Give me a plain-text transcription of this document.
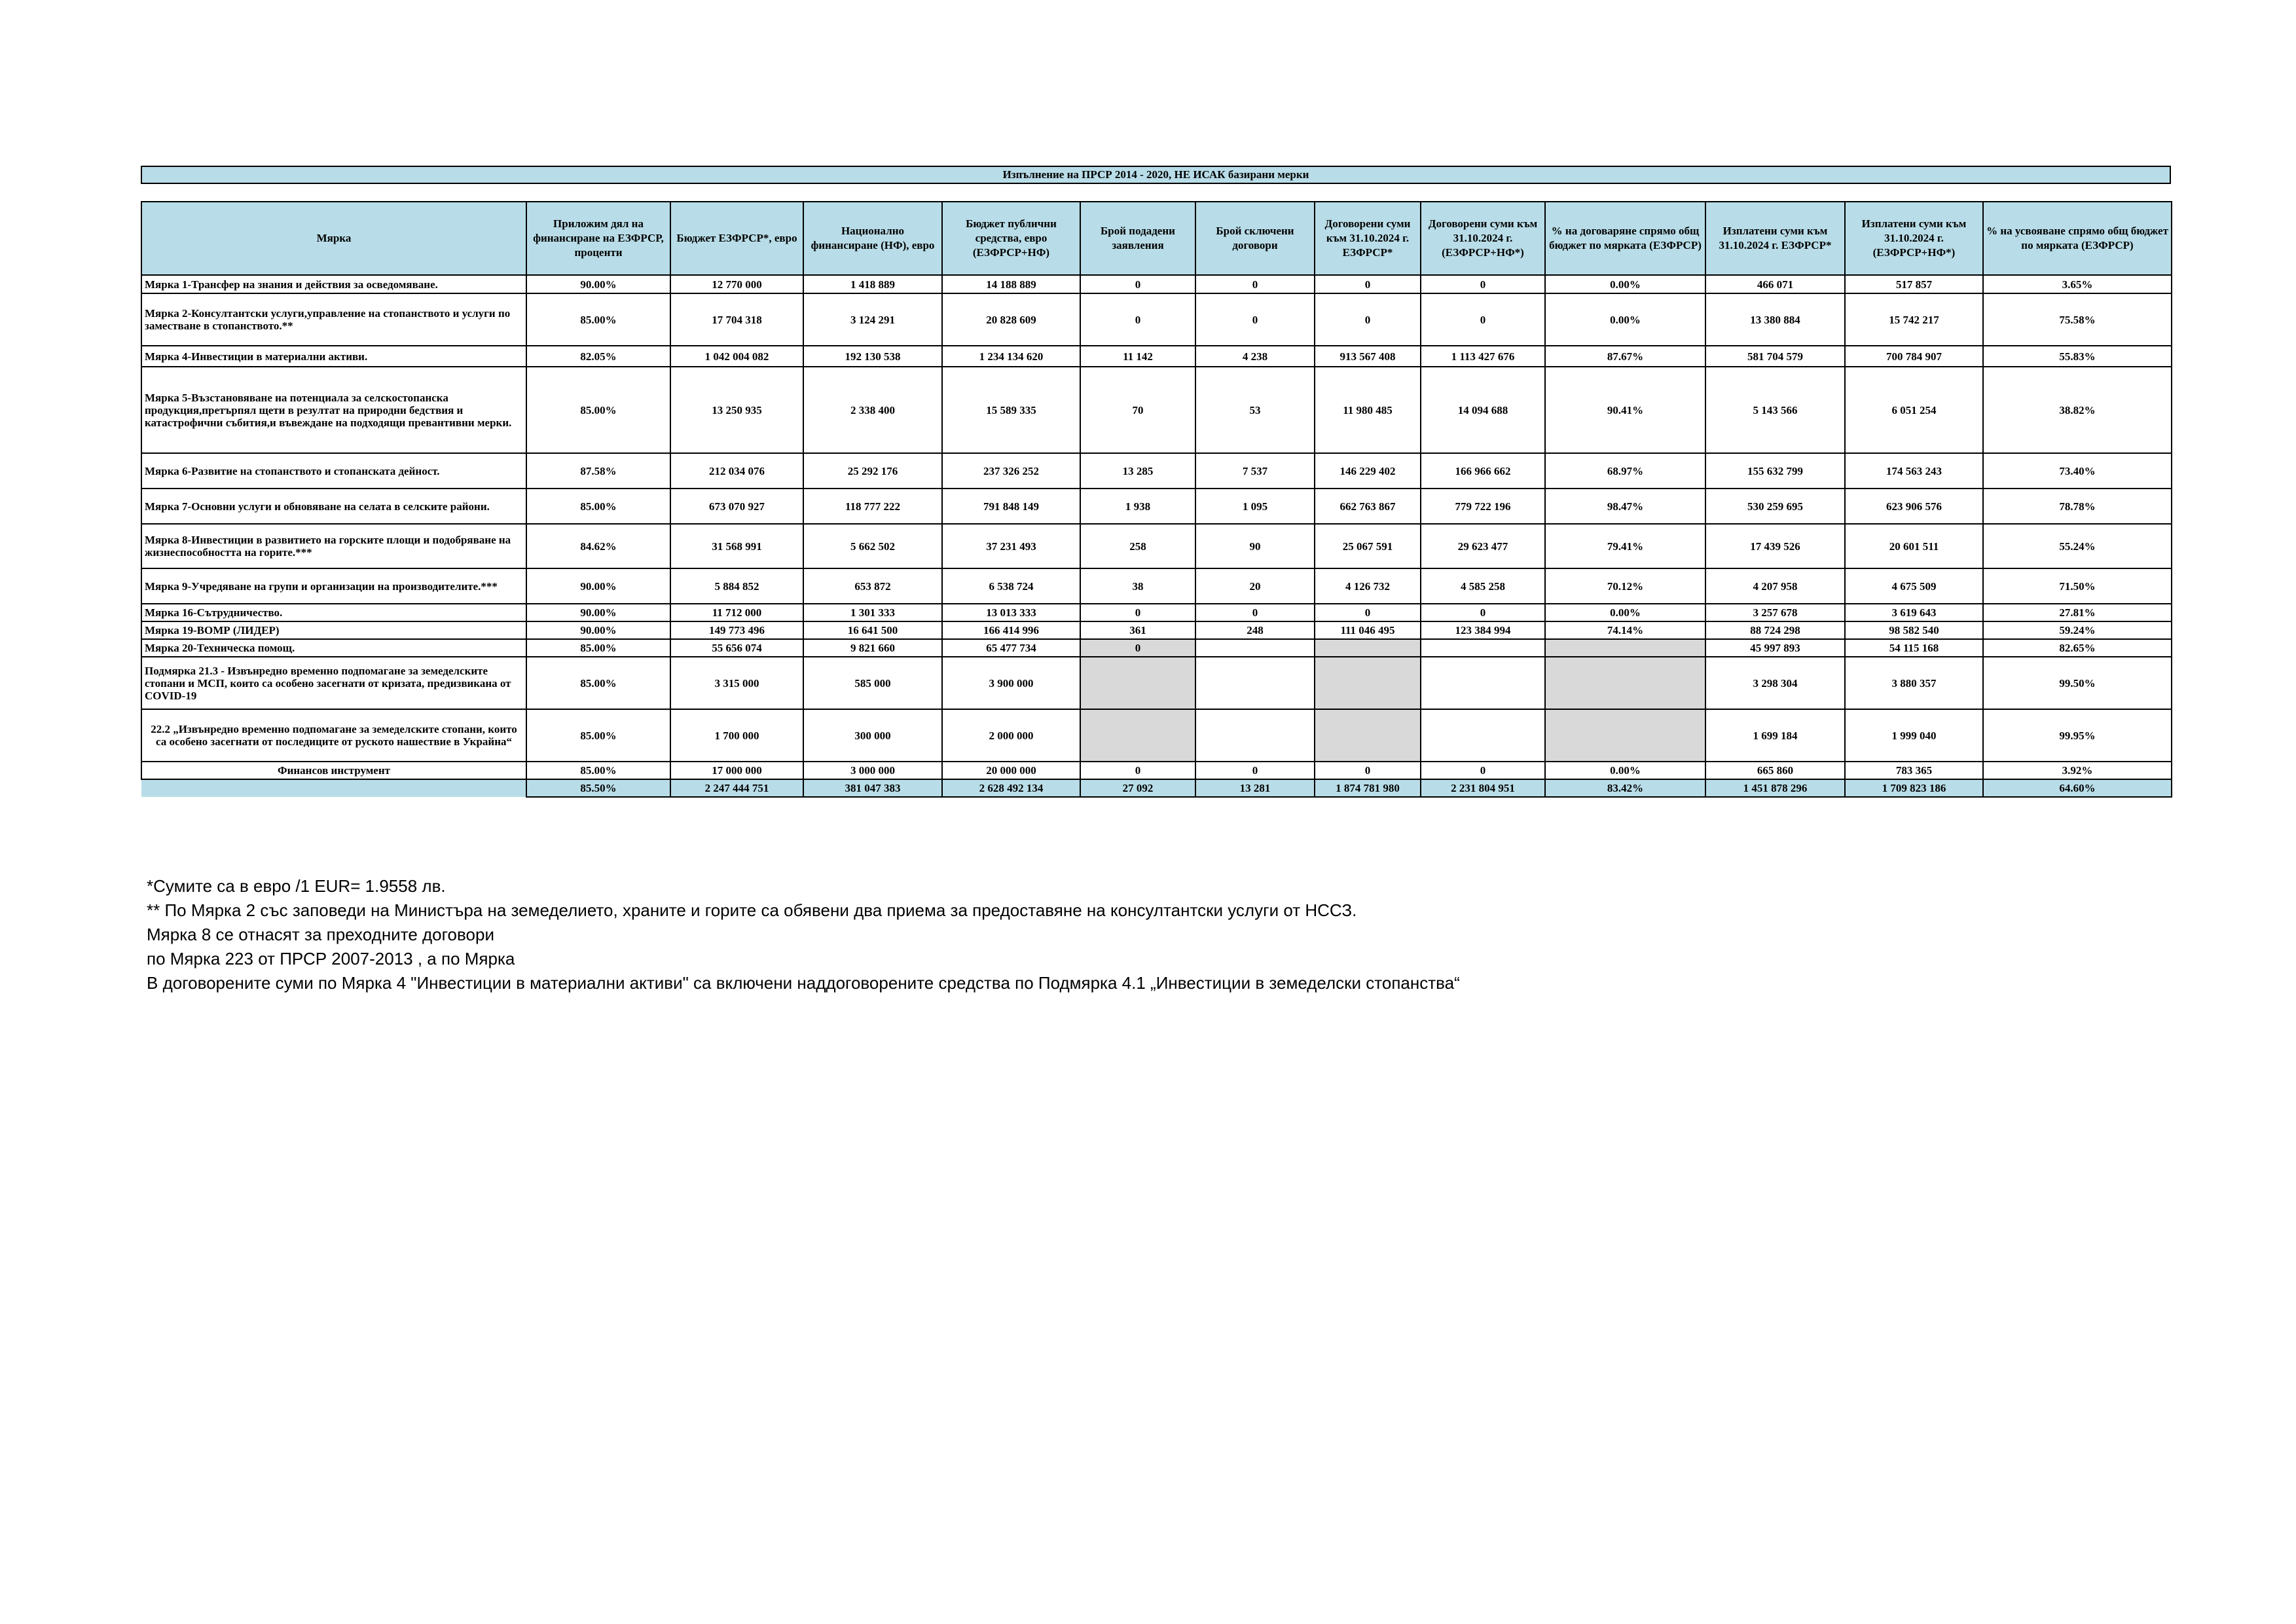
Изпълнение на ПРСР 2014 - 2020, НЕ ИСАК базирани мерки
Мярка	Приложим дял на финансиране на ЕЗФРСР, проценти	Бюджет ЕЗФРСР*, евро	Национално финансиране (НФ), евро	Бюджет публични средства, евро (ЕЗФРСР+НФ)	Брой подадени заявления	Брой сключени договори	Договорени суми към 31.10.2024 г. ЕЗФРСР*	Договорени суми към 31.10.2024 г. (ЕЗФРСР+НФ*)	% на договаряне спрямо общ бюджет по мярката (ЕЗФРСР)	Изплатени суми към 31.10.2024 г. ЕЗФРСР*	Изплатени суми към 31.10.2024 г. (ЕЗФРСР+НФ*)	% на усвояване спрямо общ бюджет по мярката (ЕЗФРСР)
Мярка 1-Трансфер на знания и действия за осведомяване.	90.00%	12 770 000	1 418 889	14 188 889	0	0	0	0	0.00%	466 071	517 857	3.65%
Мярка 2-Консултантски услуги,управление на стопанството и услуги по заместване в стопанството.**	85.00%	17 704 318	3 124 291	20 828 609	0	0	0	0	0.00%	13 380 884	15 742 217	75.58%
Мярка 4-Инвестиции в материални активи.	82.05%	1 042 004 082	192 130 538	1 234 134 620	11 142	4 238	913 567 408	1 113 427 676	87.67%	581 704 579	700 784 907	55.83%
Мярка 5-Възстановяване на потенциала за селскостопанска продукция,претърпял щети в резултат на природни бедствия и катастрофични събития,и въвеждане на подходящи превантивни мерки.	85.00%	13 250 935	2 338 400	15 589 335	70	53	11 980 485	14 094 688	90.41%	5 143 566	6 051 254	38.82%
Мярка 6-Развитие на стопанството и стопанската дейност.	87.58%	212 034 076	25 292 176	237 326 252	13 285	7 537	146 229 402	166 966 662	68.97%	155 632 799	174 563 243	73.40%
Мярка 7-Основни услуги и обновяване на селата в селските райони.	85.00%	673 070 927	118 777 222	791 848 149	1 938	1 095	662 763 867	779 722 196	98.47%	530 259 695	623 906 576	78.78%
Мярка 8-Инвестиции в развитието на горските площи и подобряване на жизнеспособността на горите.***	84.62%	31 568 991	5 662 502	37 231 493	258	90	25 067 591	29 623 477	79.41%	17 439 526	20 601 511	55.24%
Мярка 9-Учредяване на групи и организации на производителите.***	90.00%	5 884 852	653 872	6 538 724	38	20	4 126 732	4 585 258	70.12%	4 207 958	4 675 509	71.50%
Мярка 16-Сътрудничество.	90.00%	11 712 000	1 301 333	13 013 333	0	0	0	0	0.00%	3 257 678	3 619 643	27.81%
Мярка 19-ВОМР (ЛИДЕР)	90.00%	149 773 496	16 641 500	166 414 996	361	248	111 046 495	123 384 994	74.14%	88 724 298	98 582 540	59.24%
Мярка 20-Техническа помощ.	85.00%	55 656 074	9 821 660	65 477 734	0					45 997 893	54 115 168	82.65%
Подмярка 21.3 - Извънредно временно подпомагане за земеделските стопани и МСП, които са особено засегнати от кризата, предизвикана от COVID-19	85.00%	3 315 000	585 000	3 900 000						3 298 304	3 880 357	99.50%
22.2 „Извънредно временно подпомагане за земеделските стопани, които са особено засегнати от последиците от руското нашествие в Украйна“	85.00%	1 700 000	300 000	2 000 000						1 699 184	1 999 040	99.95%
Финансов инструмент	85.00%	17 000 000	3 000 000	20 000 000	0	0	0	0	0.00%	665 860	783 365	3.92%
	85.50%	2 247 444 751	381 047 383	2 628 492 134	27 092	13 281	1 874 781 980	2 231 804 951	83.42%	1 451 878 296	1 709 823 186	64.60%
*Сумите са в евро /1 EUR= 1.9558 лв.
** По Мярка 2 със заповеди на Министъра на земеделието, храните и горите са обявени два приема за предоставяне на консултантски услуги от НССЗ.
Мярка 8 се отнасят за преходните договори
по Мярка 223 от ПРСР 2007-2013 , а по Мярка
В договорените суми по Мярка 4 "Инвестиции в материални активи" са включени наддоговорените средства по Подмярка 4.1 „Инвестиции в земеделски стопанства“
